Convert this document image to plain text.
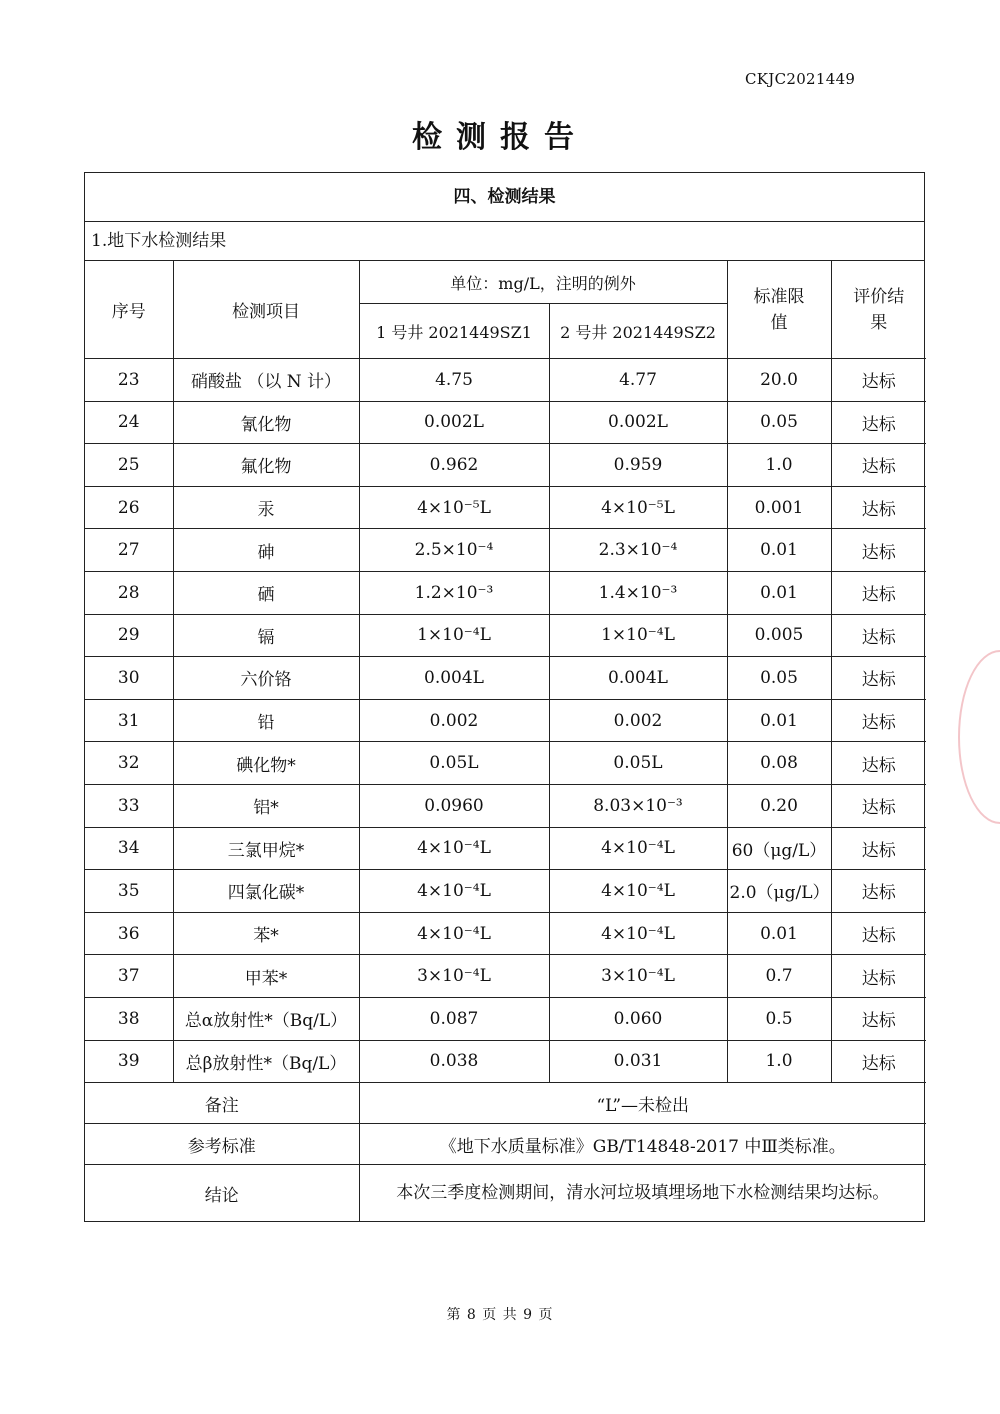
CKJC2021449
检测报告
四、检测结果
1.地下水检测结果
序号	检测项目	单位：mg/L，注明的例外		标准限值	评价结果
		1 号井 2021449SZ1	2 号井 2021449SZ2		
23	硝酸盐 （以 N 计）	4.75	4.77	20.0	达标
24	氰化物	0.002L	0.002L	0.05	达标
25	氟化物	0.962	0.959	1.0	达标
26	汞	4×10⁻⁵L	4×10⁻⁵L	0.001	达标
27	砷	2.5×10⁻⁴	2.3×10⁻⁴	0.01	达标
28	硒	1.2×10⁻³	1.4×10⁻³	0.01	达标
29	镉	1×10⁻⁴L	1×10⁻⁴L	0.005	达标
30	六价铬	0.004L	0.004L	0.05	达标
31	铅	0.002	0.002	0.01	达标
32	碘化物*	0.05L	0.05L	0.08	达标
33	铝*	0.0960	8.03×10⁻³	0.20	达标
34	三氯甲烷*	4×10⁻⁴L	4×10⁻⁴L	60（μg/L）	达标
35	四氯化碳*	4×10⁻⁴L	4×10⁻⁴L	2.0（μg/L）	达标
36	苯*	4×10⁻⁴L	4×10⁻⁴L	0.01	达标
37	甲苯*	3×10⁻⁴L	3×10⁻⁴L	0.7	达标
38	总α放射性*（Bq/L）	0.087	0.060	0.5	达标
39	总β放射性*（Bq/L）	0.038	0.031	1.0	达标
备注		“L”—未检出			
参考标准		《地下水质量标准》GB/T14848-2017 中Ⅲ类标准。			
结论		本次三季度检测期间，清水河垃圾填埋场地下水检测结果均达标。			
第 8 页 共 9 页
